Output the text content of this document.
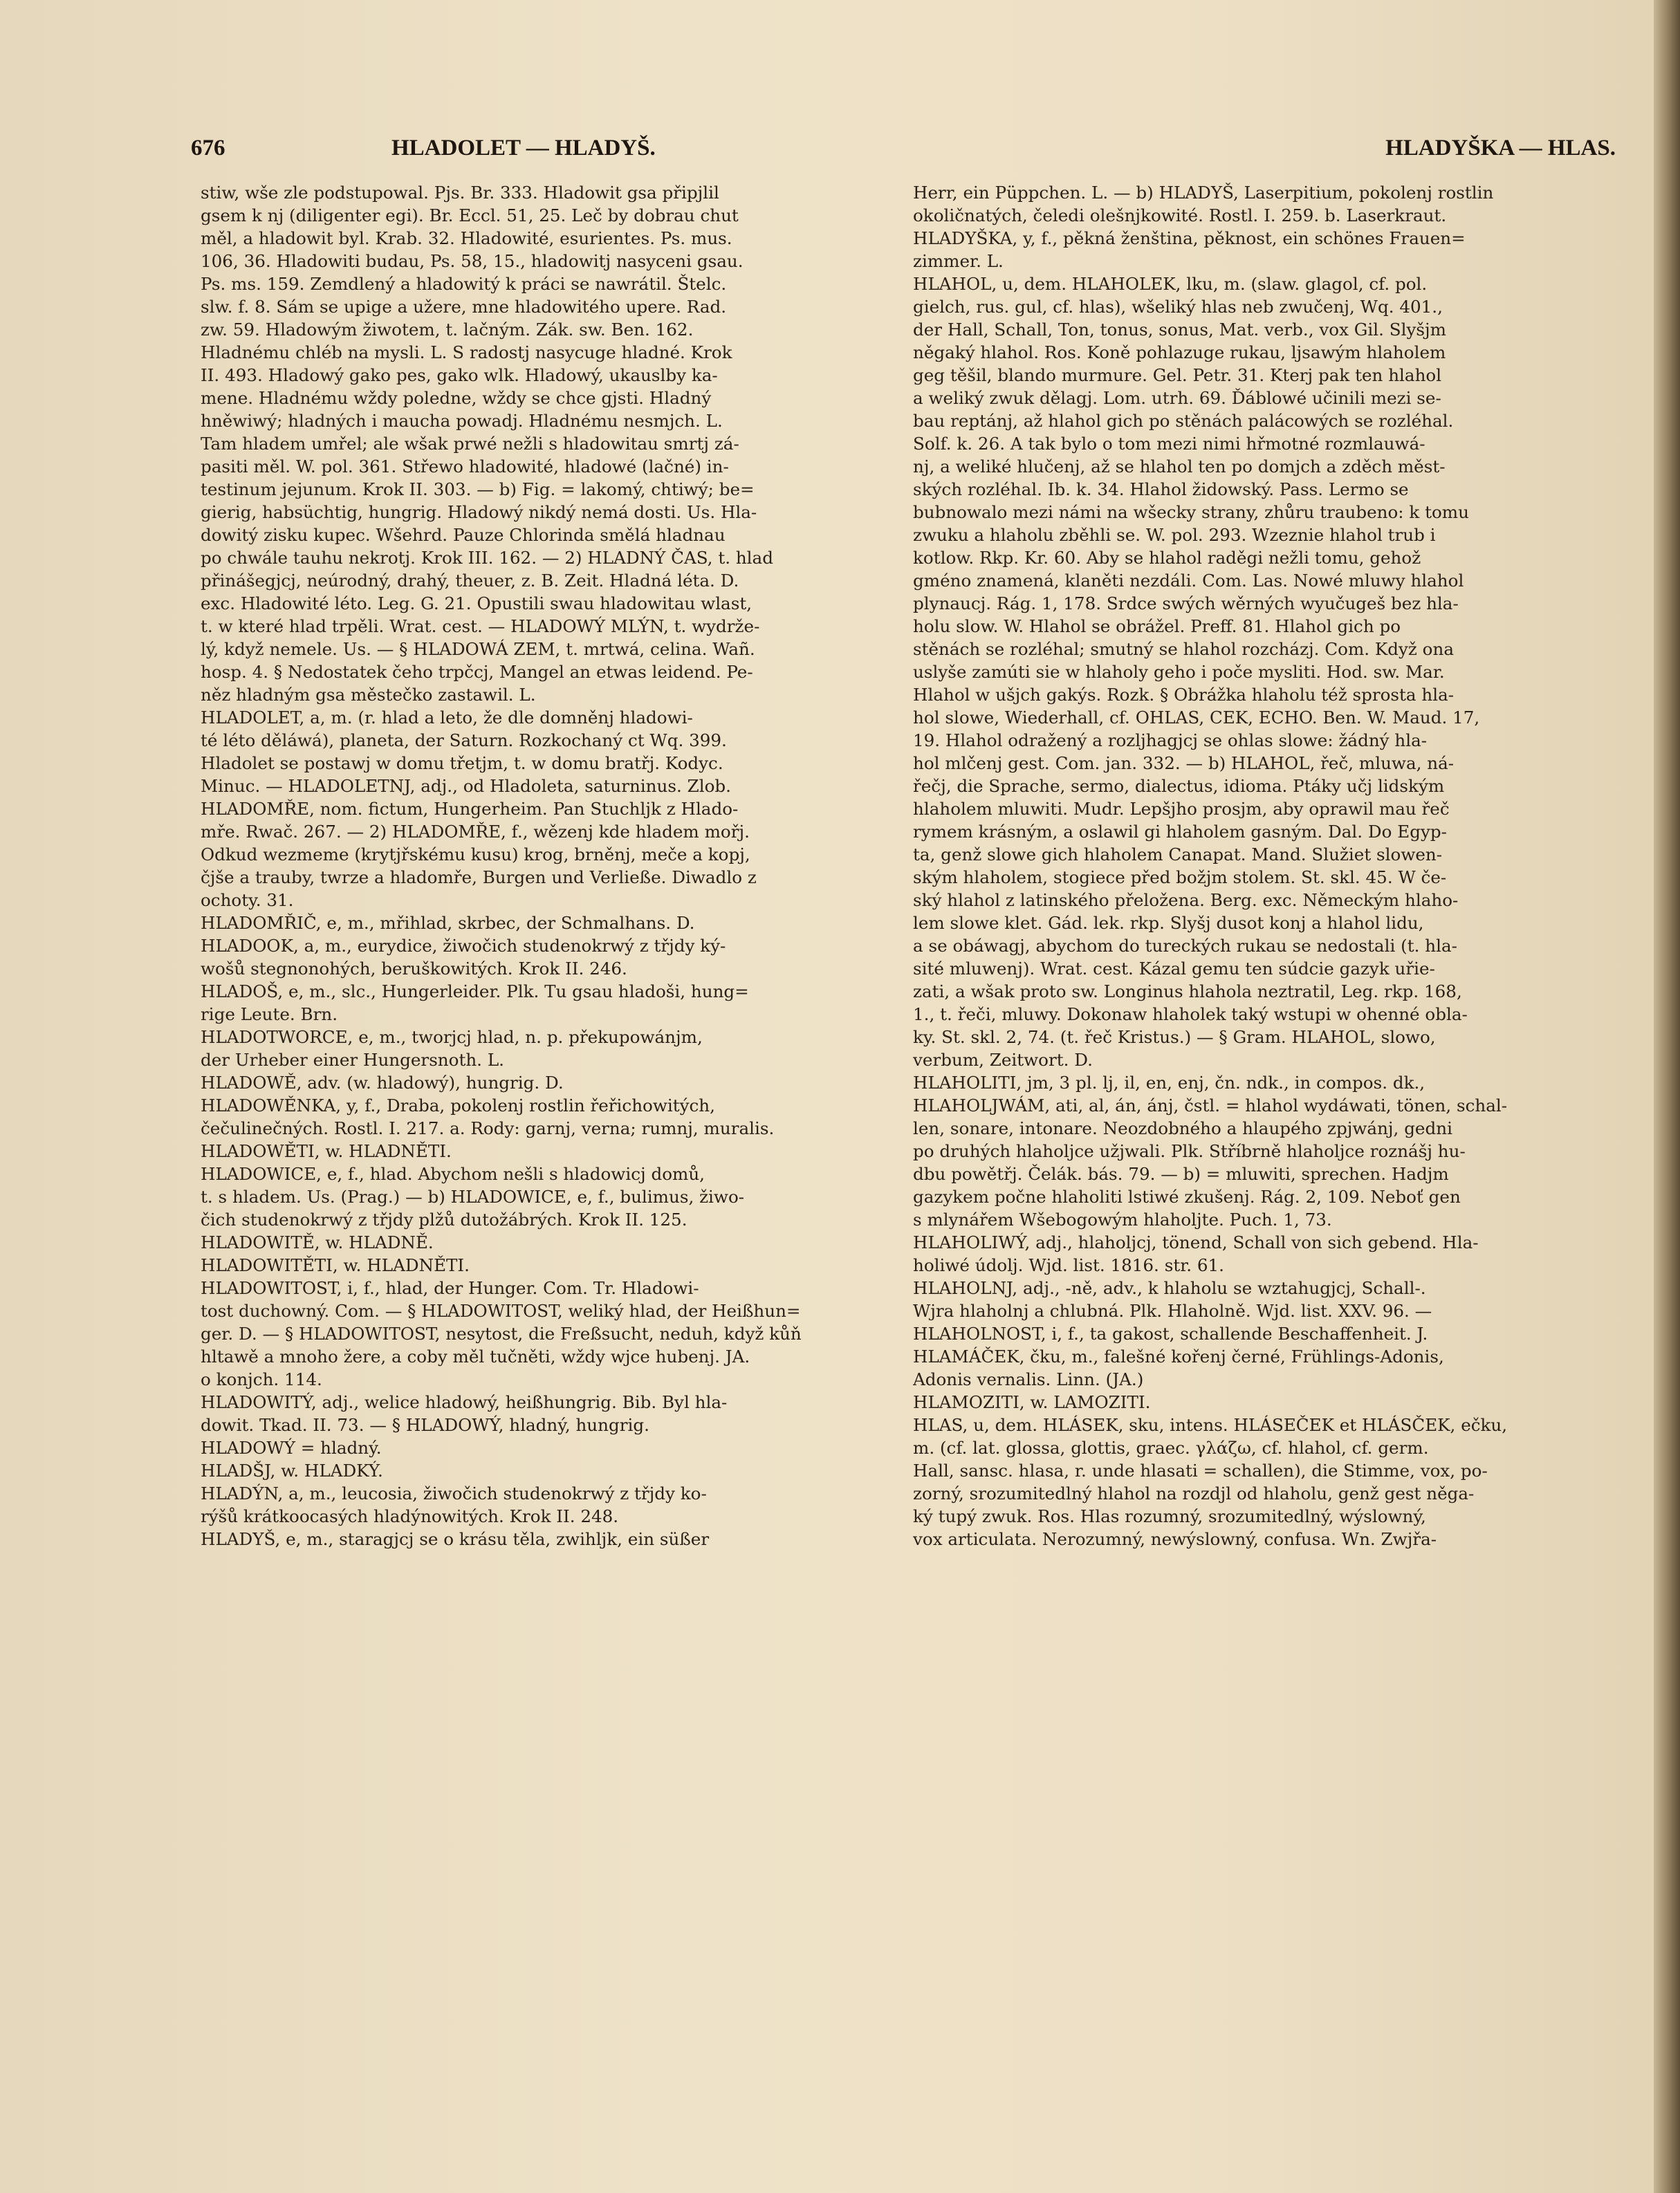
676	HLADOLET — HLADYŠ.	HLADYŠKA — HLAS.
stiw, wše zle podstupowal. Pjs. Br. 333. Hladowit gsa připjlil
gsem k nj (diligenter egi). Br. Eccl. 51, 25. Leč by dobrau chut
měl, a hladowit byl. Krab. 32. Hladowité, esurientes. Ps. mus.
106, 36. Hladowiti budau, Ps. 58, 15., hladowitj nasyceni gsau.
Ps. ms. 159. Zemdlený a hladowitý k práci se nawrátil. Štelc.
slw. f. 8. Sám se upige a užere, mne hladowitého upere. Rad.
zw. 59. Hladowým žiwotem, t. lačným. Zák. sw. Ben. 162.
Hladnému chléb na mysli. L. S radostj nasycuge hladné. Krok
II. 493. Hladowý gako pes, gako wlk. Hladowý, ukauslby ka-
mene. Hladnému wždy poledne, wždy se chce gjsti. Hladný
hněwiwý; hladných i maucha powadj. Hladnému nesmjch. L.
Tam hladem umřel; ale wšak prwé nežli s hladowitau smrtj zá-
pasiti měl. W. pol. 361. Střewo hladowité, hladowé (lačné) in-
testinum jejunum. Krok II. 303. — b) Fig. = lakomý, chtiwý; be=
gierig, habsüchtig, hungrig. Hladowý nikdý nemá dosti. Us. Hla-
dowitý zisku kupec. Wšehrd. Pauze Chlorinda smělá hladnau
po chwále tauhu nekrotj. Krok III. 162. — 2) HLADNÝ ČAS, t. hlad
přinášegjcj, neúrodný, drahý, theuer, z. B. Zeit. Hladná léta. D.
exc. Hladowité léto. Leg. G. 21. Opustili swau hladowitau wlast,
t. w které hlad trpěli. Wrat. cest. — HLADOWÝ MLÝN, t. wydrže-
lý, když nemele. Us. — § HLADOWÁ ZEM, t. mrtwá, celina. Wañ.
hosp. 4. § Nedostatek čeho trpčcj, Mangel an etwas leidend. Pe-
něz hladným gsa městečko zastawil. L.
HLADOLET, a, m. (r. hlad a leto, že dle domněnj hladowi-
té léto děláwá), planeta, der Saturn. Rozkochaný ct Wq. 399.
Hladolet se postawj w domu třetjm, t. w domu bratřj. Kodyc.
Minuc. — HLADOLETNJ, adj., od Hladoleta, saturninus. Zlob.
HLADOMŘE, nom. fictum, Hungerheim. Pan Stuchljk z Hlado-
mře. Rwač. 267. — 2) HLADOMŘE, f., wězenj kde hladem mořj.
Odkud wezmeme (krytjřskému kusu) krog, brněnj, meče a kopj,
čjše a trauby, twrze a hladomře, Burgen und Verließe. Diwadlo z
ochoty. 31.
HLADOMŘIČ, e, m., mřihlad, skrbec, der Schmalhans. D.
HLADOOK, a, m., eurydice, žiwočich studenokrwý z třjdy ký-
wošů stegnonohých, beruškowitých. Krok II. 246.
HLADOŠ, e, m., slc., Hungerleider. Plk. Tu gsau hladoši, hung=
rige Leute. Brn.
HLADOTWORCE, e, m., tworjcj hlad, n. p. překupowánjm,
der Urheber einer Hungersnoth. L.
HLADOWĚ, adv. (w. hladowý), hungrig. D.
HLADOWĚNKA, y, f., Draba, pokolenj rostlin řeřichowitých,
čečulinečných. Rostl. I. 217. a. Rody: garnj, verna; rumnj, muralis.
HLADOWĚTI, w. HLADNĚTI.
HLADOWICE, e, f., hlad. Abychom nešli s hladowicj domů,
t. s hladem. Us. (Prag.) — b) HLADOWICE, e, f., bulimus, žiwo-
čich studenokrwý z třjdy plžů dutožábrých. Krok II. 125.
HLADOWITĚ, w. HLADNĚ.
HLADOWITĚTI, w. HLADNĚTI.
HLADOWITOST, i, f., hlad, der Hunger. Com. Tr. Hladowi-
tost duchowný. Com. — § HLADOWITOST, weliký hlad, der Heißhun=
ger. D. — § HLADOWITOST, nesytost, die Freßsucht, neduh, když kůň
hltawě a mnoho žere, a coby měl tučněti, wždy wjce hubenj. JA.
o konjch. 114.
HLADOWITÝ, adj., welice hladowý, heißhungrig. Bib. Byl hla-
dowit. Tkad. II. 73. — § HLADOWÝ, hladný, hungrig.
HLADOWÝ = hladný.
HLADŠJ, w. HLADKÝ.
HLADÝN, a, m., leucosia, žiwočich studenokrwý z třjdy ko-
rýšů krátkoocasých hladýnowitých. Krok II. 248.
HLADYŠ, e, m., staragjcj se o krásu těla, zwihljk, ein süßer
Herr, ein Püppchen. L. — b) HLADYŠ, Laserpitium, pokolenj rostlin
okoličnatých, čeledi olešnjkowité. Rostl. I. 259. b. Laserkraut.
HLADYŠKA, y, f., pěkná ženština, pěknost, ein schönes Frauen=
zimmer. L.
HLAHOL, u, dem. HLAHOLEK, lku, m. (slaw. glagol, cf. pol.
gielch, rus. gul, cf. hlas), wšeliký hlas neb zwučenj, Wq. 401.,
der Hall, Schall, Ton, tonus, sonus, Mat. verb., vox Gil. Slyšjm
něgaký hlahol. Ros. Koně pohlazuge rukau, ljsawým hlaholem
geg těšil, blando murmure. Gel. Petr. 31. Kterj pak ten hlahol
a weliký zwuk dělagj. Lom. utrh. 69. Ďáblowé učinili mezi se-
bau reptánj, až hlahol gich po stěnách palácowých se rozléhal.
Solf. k. 26. A tak bylo o tom mezi nimi hřmotné rozmlauwá-
nj, a weliké hlučenj, až se hlahol ten po domjch a zděch měst-
ských rozléhal. Ib. k. 34. Hlahol židowský. Pass. Lermo se
bubnowalo mezi námi na wšecky strany, zhůru traubeno: k tomu
zwuku a hlaholu zběhli se. W. pol. 293. Wzeznie hlahol trub i
kotlow. Rkp. Kr. 60. Aby se hlahol raděgi nežli tomu, gehož
gméno znamená, klaněti nezdáli. Com. Las. Nowé mluwy hlahol
plynaucj. Rág. 1, 178. Srdce swých wěrných wyučugeš bez hla-
holu slow. W. Hlahol se obrážel. Preff. 81. Hlahol gich po
stěnách se rozléhal; smutný se hlahol rozcházj. Com. Když ona
uslyše zamúti sie w hlaholy geho i poče mysliti. Hod. sw. Mar.
Hlahol w ušjch gakýs. Rozk. § Obrážka hlaholu též sprosta hla-
hol slowe, Wiederhall, cf. OHLAS, CEK, ECHO. Ben. W. Maud. 17,
19. Hlahol odražený a rozljhagjcj se ohlas slowe: žádný hla-
hol mlčenj gest. Com. jan. 332. — b) HLAHOL, řeč, mluwa, ná-
řečj, die Sprache, sermo, dialectus, idioma. Ptáky učj lidským
hlaholem mluwiti. Mudr. Lepšjho prosjm, aby oprawil mau řeč
rymem krásným, a oslawil gi hlaholem gasným. Dal. Do Egyp-
ta, genž slowe gich hlaholem Canapat. Mand. Služiet slowen-
ským hlaholem, stogiece před božjm stolem. St. skl. 45. W če-
ský hlahol z latinského přeložena. Berg. exc. Německým hlaho-
lem slowe klet. Gád. lek. rkp. Slyšj dusot konj a hlahol lidu,
a se obáwagj, abychom do tureckých rukau se nedostali (t. hla-
sité mluwenj). Wrat. cest. Kázal gemu ten súdcie gazyk uřie-
zati, a wšak proto sw. Longinus hlahola neztratil, Leg. rkp. 168,
1., t. řeči, mluwy. Dokonaw hlaholek taký wstupi w ohenné obla-
ky. St. skl. 2, 74. (t. řeč Kristus.) — § Gram. HLAHOL, slowo,
verbum, Zeitwort. D.
HLAHOLITI, jm, 3 pl. lj, il, en, enj, čn. ndk., in compos. dk.,
HLAHOLJWÁM, ati, al, án, ánj, čstl. = hlahol wydáwati, tönen, schal-
len, sonare, intonare. Neozdobného a hlaupého zpjwánj, gedni
po druhých hlaholjce užjwali. Plk. Stříbrně hlaholjce roznášj hu-
dbu powětřj. Čelák. bás. 79. — b) = mluwiti, sprechen. Hadjm
gazykem počne hlaholiti lstiwé zkušenj. Rág. 2, 109. Neboť gen
s mlynářem Wšebogowým hlaholjte. Puch. 1, 73.
HLAHOLIWÝ, adj., hlaholjcj, tönend, Schall von sich gebend. Hla-
holiwé údolj. Wjd. list. 1816. str. 61.
HLAHOLNJ, adj., -ně, adv., k hlaholu se wztahugjcj, Schall-.
Wjra hlaholnj a chlubná. Plk. Hlaholně. Wjd. list. XXV. 96. —
HLAHOLNOST, i, f., ta gakost, schallende Beschaffenheit. J.
HLAMÁČEK, čku, m., falešné kořenj černé, Frühlings-Adonis,
Adonis vernalis. Linn. (JA.)
HLAMOZITI, w. LAMOZITI.
HLAS, u, dem. HLÁSEK, sku, intens. HLÁSEČEK et HLÁSČEK, ečku,
m. (cf. lat. glossa, glottis, graec. γλάζω, cf. hlahol, cf. germ.
Hall, sansc. hlasa, r. unde hlasati = schallen), die Stimme, vox, po-
zorný, srozumitedlný hlahol na rozdjl od hlaholu, genž gest něga-
ký tupý zwuk. Ros. Hlas rozumný, srozumitedlný, wýslowný,
vox articulata. Nerozumný, newýslowný, confusa. Wn. Zwjřa-
